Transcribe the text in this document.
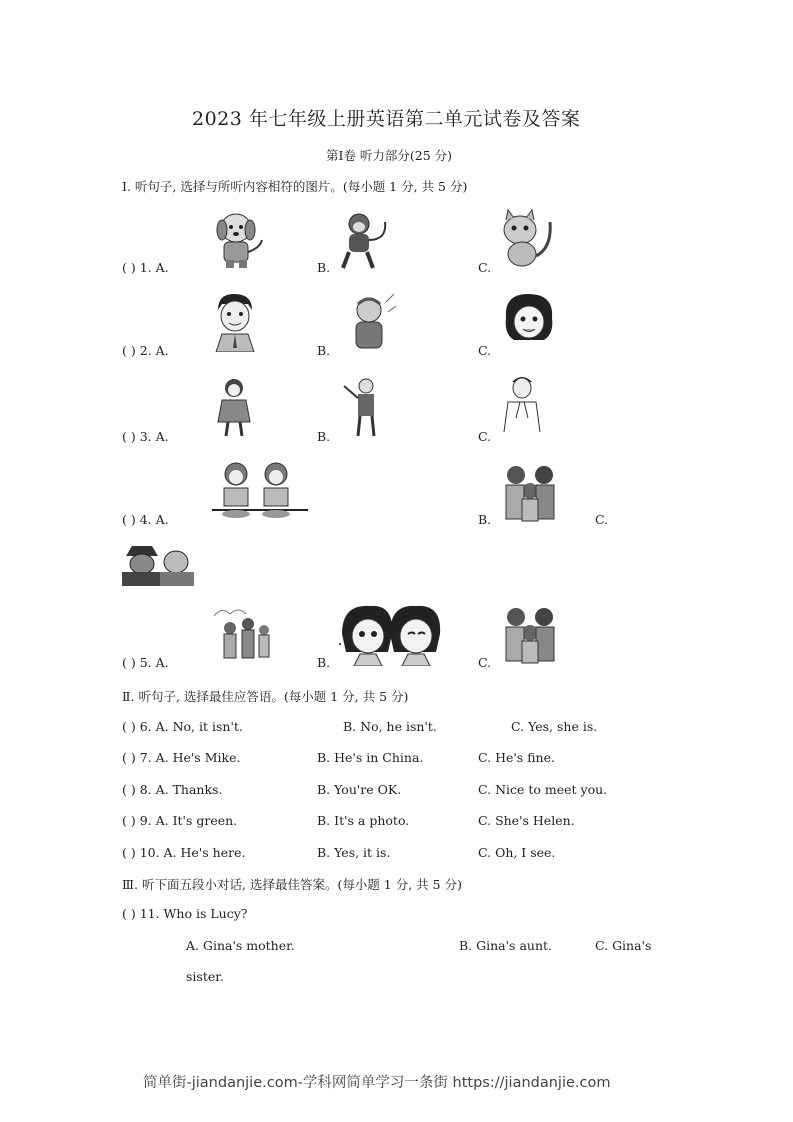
2023 年七年级上册英语第二单元试卷及答案
第Ⅰ卷 听力部分(25 分)
Ⅰ. 听句子, 选择与所听内容相符的图片。(每小题 1 分, 共 5 分)
( ) 1. A.	B.	C.
( ) 2. A.	B.	C.
( ) 3. A.	B.	C.
( ) 4. A.	B.	C.
( ) 5. A.	B.	C.
Ⅱ. 听句子, 选择最佳应答语。(每小题 1 分, 共 5 分)
( ) 6. A. No, it isn't.	B. No, he isn't.	C. Yes, she is.
( ) 7. A. He's Mike.	B. He's in China.	C. He's fine.
( ) 8. A. Thanks.	B. You're OK.	C. Nice to meet you.
( ) 9. A. It's green.	B. It's a photo.	C. She's Helen.
( ) 10. A. He's here.	B. Yes, it is.	C. Oh, I see.
Ⅲ. 听下面五段小对话, 选择最佳答案。(每小题 1 分, 共 5 分)
( ) 11. Who is Lucy?
A. Gina's mother.	B. Gina's aunt.	C. Gina's
sister.
简单街-jiandanjie.com-学科网简单学习一条街 https://jiandanjie.com
